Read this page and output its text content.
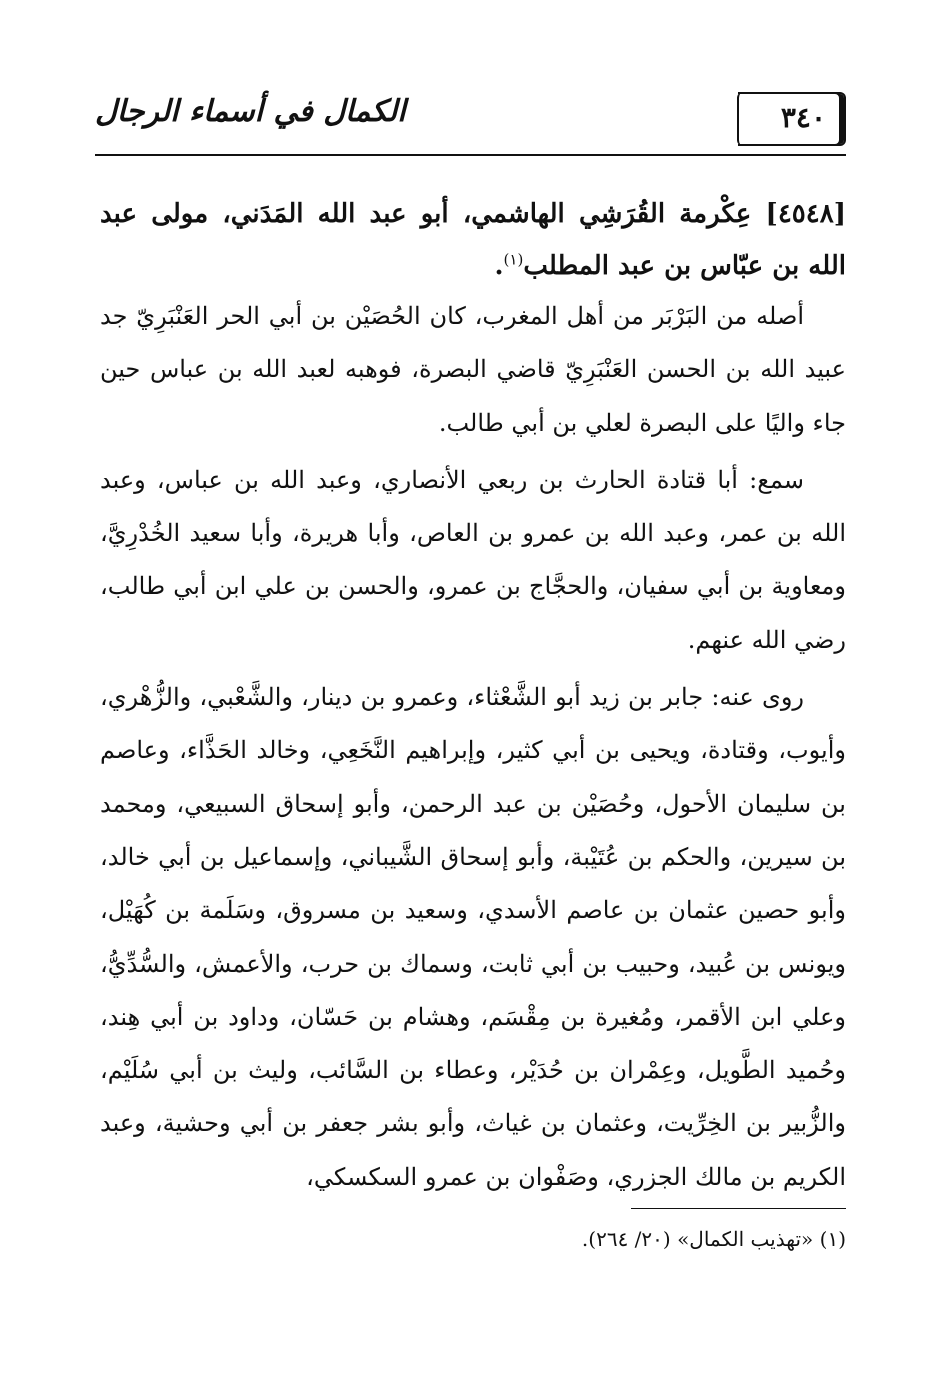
٣٤٠
الكمال في أسماء الرجال
[٤٥٤٨] عِكْرمة القُرَشِي الهاشمي، أبو عبد الله المَدَني، مولى عبد الله بن عبّاس بن عبد المطلب$^{(١)}$.

أصله من البَرْبَر من أهل المغرب، كان الحُصَيْن بن أبي الحر العَنْبَرِيّ جد عبيد الله بن الحسن العَنْبَرِيّ قاضي البصرة، فوهبه لعبد الله بن عباس حين جاء واليًا على البصرة لعلي بن أبي طالب.

سمع: أبا قتادة الحارث بن ربعي الأنصاري، وعبد الله بن عباس، وعبد الله بن عمر، وعبد الله بن عمرو بن العاص، وأبا هريرة، وأبا سعيد الخُدْرِيَّ، ومعاوية بن أبي سفيان، والحجَّاج بن عمرو، والحسن بن علي ابن أبي طالب، رضي الله عنهم.

روى عنه: جابر بن زيد أبو الشَّعْثاء، وعمرو بن دينار، والشَّعْبي، والزُّهْري، وأيوب، وقتادة، ويحيى بن أبي كثير، وإبراهيم النَّخَعِي، وخالد الحَذَّاء، وعاصم بن سليمان الأحول، وحُصَيْن بن عبد الرحمن، وأبو إسحاق السبيعي، ومحمد بن سيرين، والحكم بن عُتَيْبة، وأبو إسحاق الشَّيباني، وإسماعيل بن أبي خالد، وأبو حصين عثمان بن عاصم الأسدي، وسعيد بن مسروق، وسَلَمة بن كُهَيْل، ويونس بن عُبيد، وحبيب بن أبي ثابت، وسماك بن حرب، والأعمش، والسُّدِّيُّ، وعلي ابن الأقمر، ومُغيرة بن مِقْسَم، وهشام بن حَسّان، وداود بن أبي هِند، وحُميد الطَّويل، وعِمْران بن حُدَيْر، وعطاء بن السَّائب، وليث بن أبي سُلَيْم، والزُّبير بن الخِرِّيت، وعثمان بن غياث، وأبو بشر جعفر بن أبي وحشية، وعبد الكريم بن مالك الجزري، وصَفْوان بن عمرو السكسكي،

(١) «تهذيب الكمال» (٢٠/ ٢٦٤).
